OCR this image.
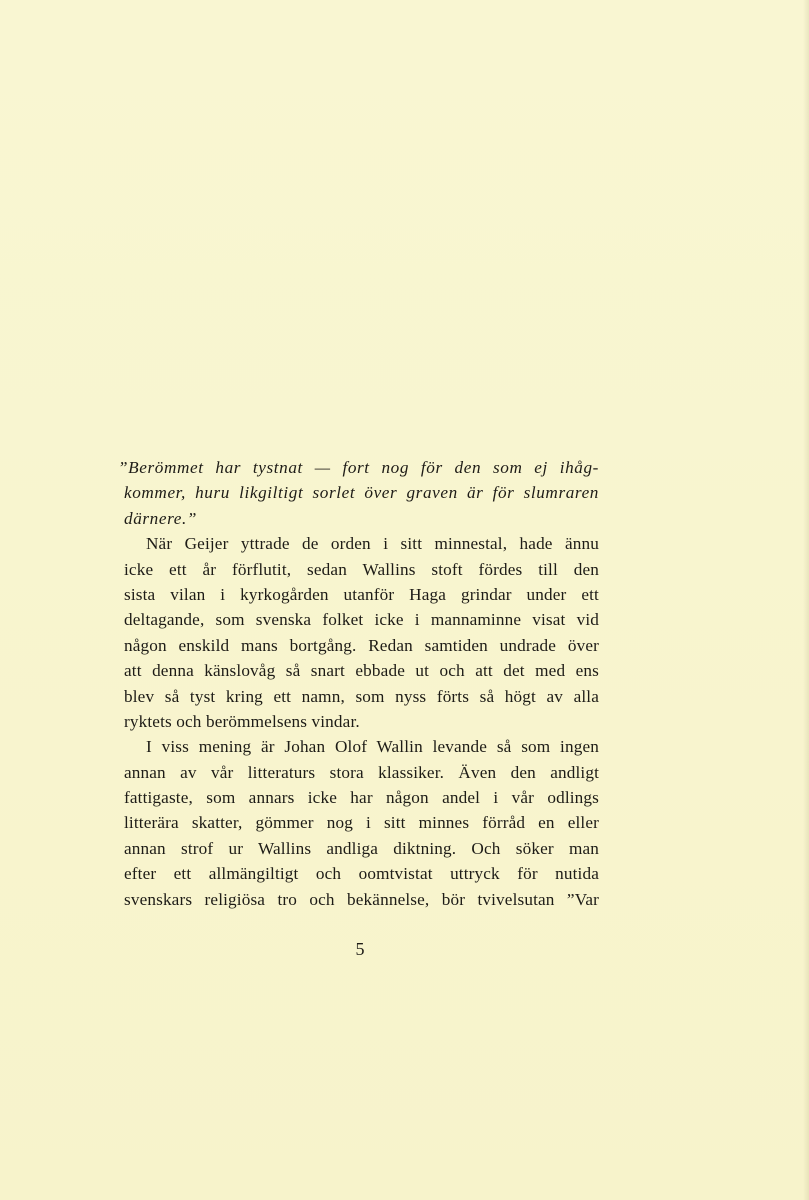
”Berömmet har tystnat — fort nog för den som ej ihåg-
kommer, huru likgiltigt sorlet över graven är för slumraren
därnere.”
När Geijer yttrade de orden i sitt minnestal, hade ännu
icke ett år förflutit, sedan Wallins stoft fördes till den
sista vilan i kyrkogården utanför Haga grindar under ett
deltagande, som svenska folket icke i mannaminne visat vid
någon enskild mans bortgång. Redan samtiden undrade över
att denna känslovåg så snart ebbade ut och att det med ens
blev så tyst kring ett namn, som nyss förts så högt av alla
ryktets och berömmelsens vindar.
I viss mening är Johan Olof Wallin levande så som ingen
annan av vår litteraturs stora klassiker. Även den andligt
fattigaste, som annars icke har någon andel i vår odlings
litterära skatter, gömmer nog i sitt minnes förråd en eller
annan strof ur Wallins andliga diktning. Och söker man
efter ett allmängiltigt och oomtvistat uttryck för nutida
svenskars religiösa tro och bekännelse, bör tvivelsutan ”Var
5
